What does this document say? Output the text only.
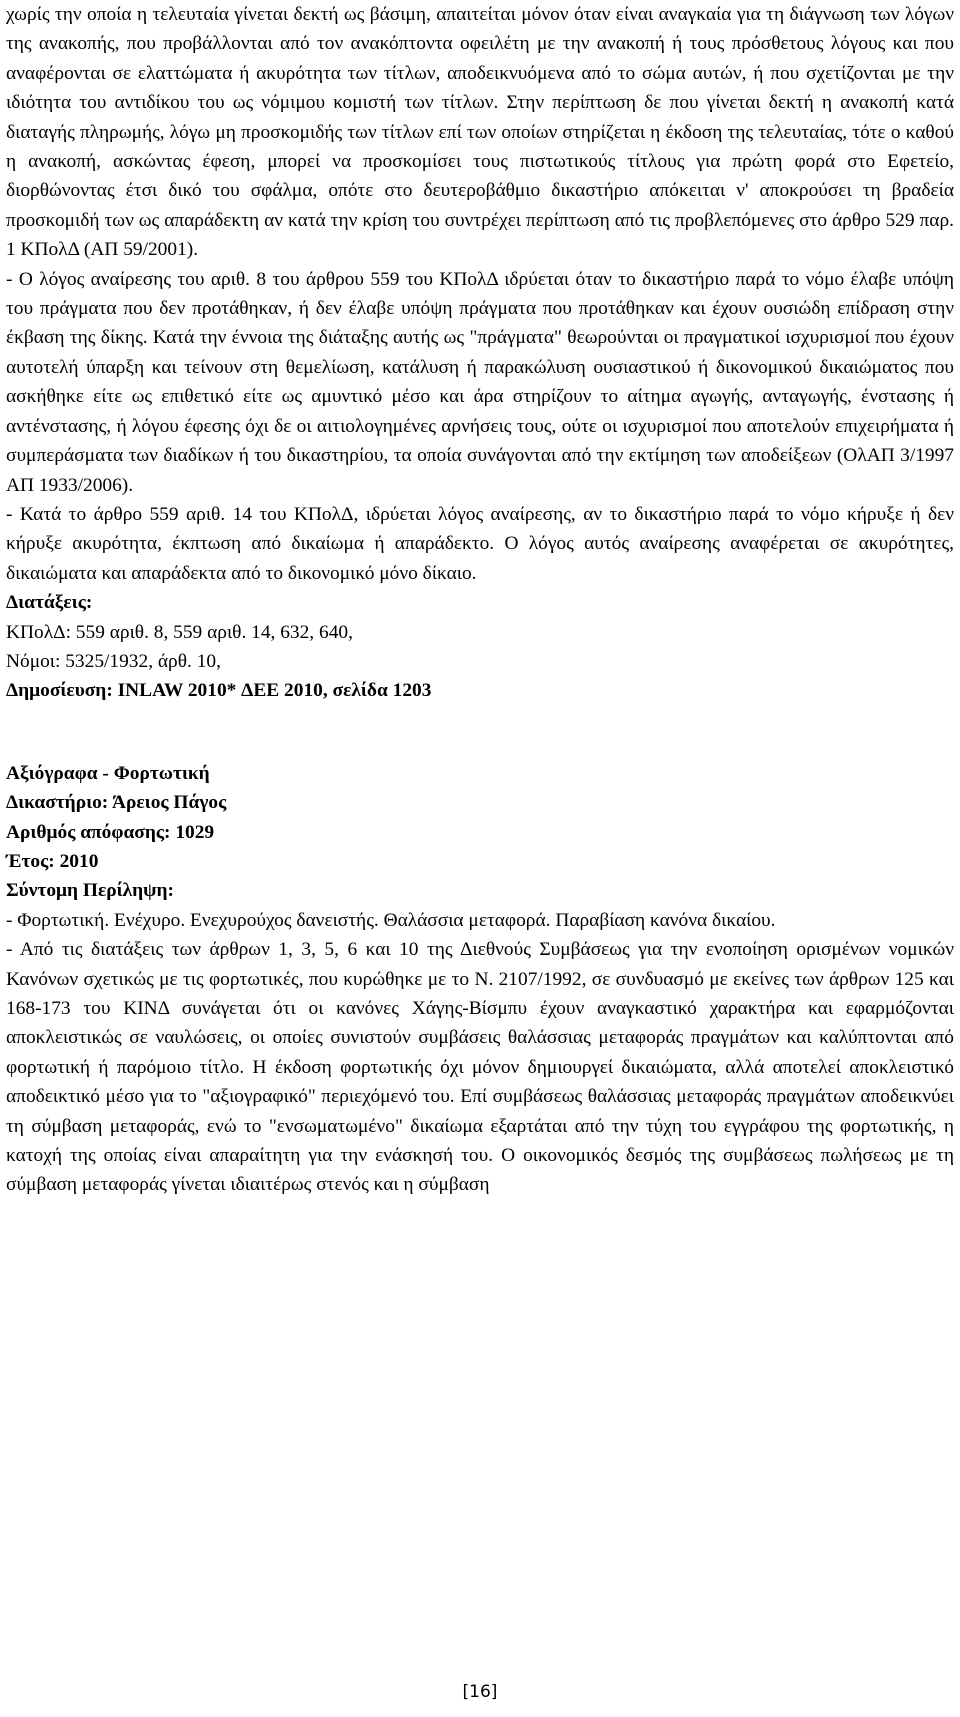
χωρίς την οποία η τελευταία γίνεται δεκτή ως βάσιμη, απαιτείται μόνον όταν είναι αναγκαία για τη διάγνωση των λόγων της ανακοπής, που προβάλλονται από τον ανακόπτοντα οφειλέτη με την ανακοπή ή τους πρόσθετους λόγους και που αναφέρονται σε ελαττώματα ή ακυρότητα των τίτλων, αποδεικνυόμενα από το σώμα αυτών, ή που σχετίζονται με την ιδιότητα του αντιδίκου του ως νόμιμου κομιστή των τίτλων. Στην περίπτωση δε που γίνεται δεκτή η ανακοπή κατά διαταγής πληρωμής, λόγω μη προσκομιδής των τίτλων επί των οποίων στηρίζεται η έκδοση της τελευταίας, τότε ο καθού η ανακοπή, ασκώντας έφεση, μπορεί να προσκομίσει τους πιστωτικούς τίτλους για πρώτη φορά στο Εφετείο, διορθώνοντας έτσι δικό του σφάλμα, οπότε στο δευτεροβάθμιο δικαστήριο απόκειται ν' αποκρούσει τη βραδεία προσκομιδή των ως απαράδεκτη αν κατά την κρίση του συντρέχει περίπτωση από τις προβλεπόμενες στο άρθρο 529 παρ. 1 ΚΠολΔ (ΑΠ 59/2001).

- Ο λόγος αναίρεσης του αριθ. 8 του άρθρου 559 του ΚΠολΔ ιδρύεται όταν το δικαστήριο παρά το νόμο έλαβε υπόψη του πράγματα που δεν προτάθηκαν, ή δεν έλαβε υπόψη πράγματα που προτάθηκαν και έχουν ουσιώδη επίδραση στην έκβαση της δίκης. Κατά την έννοια της διάταξης αυτής ως "πράγματα" θεωρούνται οι πραγματικοί ισχυρισμοί που έχουν αυτοτελή ύπαρξη και τείνουν στη θεμελίωση, κατάλυση ή παρακώλυση ουσιαστικού ή δικονομικού δικαιώματος που ασκήθηκε είτε ως επιθετικό είτε ως αμυντικό μέσο και άρα στηρίζουν το αίτημα αγωγής, ανταγωγής, ένστασης ή αντένστασης, ή λόγου έφεσης όχι δε οι αιτιολογημένες αρνήσεις τους, ούτε οι ισχυρισμοί που αποτελούν επιχειρήματα ή συμπεράσματα των διαδίκων ή του δικαστηρίου, τα οποία συνάγονται από την εκτίμηση των αποδείξεων (ΟλΑΠ 3/1997 ΑΠ 1933/2006).

- Κατά το άρθρο 559 αριθ. 14 του ΚΠολΔ, ιδρύεται λόγος αναίρεσης, αν το δικαστήριο παρά το νόμο κήρυξε ή δεν κήρυξε ακυρότητα, έκπτωση από δικαίωμα ή απαράδεκτο. Ο λόγος αυτός αναίρεσης αναφέρεται σε ακυρότητες, δικαιώματα και απαράδεκτα από το δικονομικό μόνο δίκαιο.

Διατάξεις:

ΚΠολΔ: 559 αριθ. 8, 559 αριθ. 14, 632, 640,

Νόμοι: 5325/1932, άρθ. 10,

Δημοσίευση: INLAW 2010* ΔΕΕ 2010, σελίδα 1203

Αξιόγραφα - Φορτωτική

Δικαστήριο: Άρειος Πάγος

Αριθμός απόφασης: 1029

Έτος: 2010

Σύντομη Περίληψη:

- Φορτωτική. Ενέχυρο. Ενεχυρούχος δανειστής. Θαλάσσια μεταφορά. Παραβίαση κανόνα δικαίου.

- Από τις διατάξεις των άρθρων 1, 3, 5, 6 και 10 της Διεθνούς Συμβάσεως για την ενοποίηση ορισμένων νομικών Κανόνων σχετικώς με τις φορτωτικές, που κυρώθηκε με το Ν. 2107/1992, σε συνδυασμό με εκείνες των άρθρων 125 και 168-173 του ΚΙΝΔ συνάγεται ότι οι κανόνες Χάγης-Βίσμπυ έχουν αναγκαστικό χαρακτήρα και εφαρμόζονται αποκλειστικώς σε ναυλώσεις, οι οποίες συνιστούν συμβάσεις θαλάσσιας μεταφοράς πραγμάτων και καλύπτονται από φορτωτική ή παρόμοιο τίτλο. Η έκδοση φορτωτικής όχι μόνον δημιουργεί δικαιώματα, αλλά αποτελεί αποκλειστικό αποδεικτικό μέσο για το "αξιογραφικό" περιεχόμενό του. Επί συμβάσεως θαλάσσιας μεταφοράς πραγμάτων αποδεικνύει τη σύμβαση μεταφοράς, ενώ το "ενσωματωμένο" δικαίωμα εξαρτάται από την τύχη του εγγράφου της φορτωτικής, η κατοχή της οποίας είναι απαραίτητη για την ενάσκησή του. Ο οικονομικός δεσμός της συμβάσεως πωλήσεως με τη σύμβαση μεταφοράς γίνεται ιδιαιτέρως στενός και η σύμβαση

[16]
